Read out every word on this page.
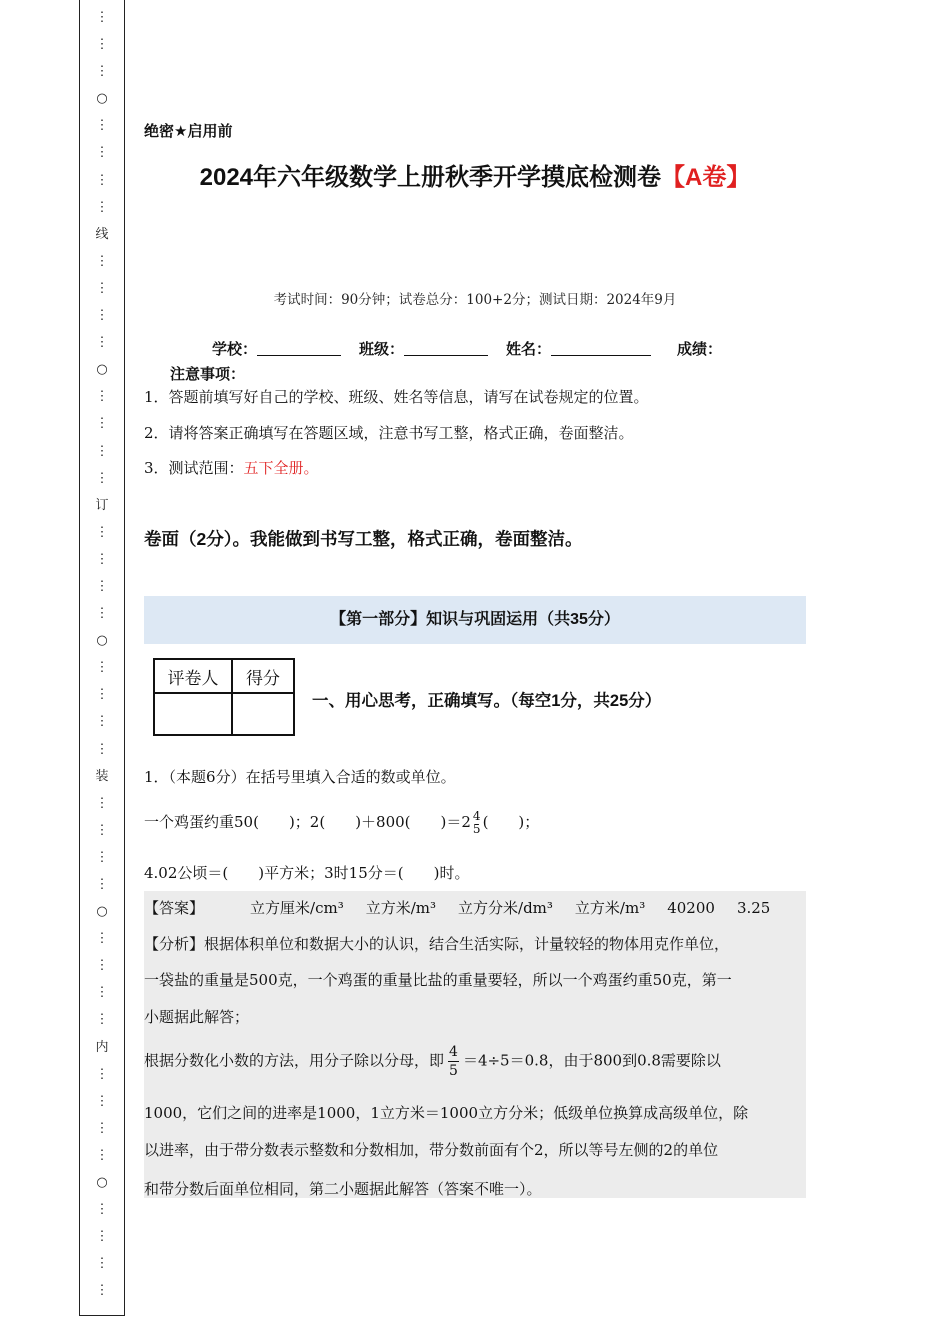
⋮
⋮
⋮
○
⋮
⋮
⋮
⋮
线
⋮
⋮
⋮
⋮
○
⋮
⋮
⋮
⋮
订
⋮
⋮
⋮
⋮
○
⋮
⋮
⋮
⋮
装
⋮
⋮
⋮
⋮
○
⋮
⋮
⋮
⋮
内
⋮
⋮
⋮
⋮
○
⋮
⋮
⋮
⋮
绝密★启用前
2024年六年级数学上册秋季开学摸底检测卷【A卷】
考试时间：90分钟；试卷总分：100+2分；测试日期：2024年9月
学校：	班级：	姓名：	成绩：
注意事项：
1．答题前填写好自己的学校、班级、姓名等信息，请写在试卷规定的位置。
2．请将答案正确填写在答题区域，注意书写工整，格式正确，卷面整洁。
3．测试范围：五下全册。
卷面（2分）。我能做到书写工整，格式正确，卷面整洁。
【第一部分】知识与巩固运用（共35分）
评卷人	得分

一、用心思考，正确填写。（每空1分，共25分）
1．（本题6分）在括号里填入合适的数或单位。
一个鸡蛋约重50(　　)；2(　　)＋800(　　)＝2 4
5 (　　)；
4.02公顷＝(　　)平方米；3时15分＝(　　)时。
【答案】	立方厘米/cm³ 立方米/m³ 立方分米/dm³ 立方米/m³ 40200 3.25
【分析】根据体积单位和数据大小的认识，结合生活实际，计量较轻的物体用克作单位，
一袋盐的重量是500克，一个鸡蛋的重量比盐的重量要轻，所以一个鸡蛋约重50克，第一
小题据此解答；
根据分数化小数的方法，用分子除以分母，即 $\frac{4}{5} =4\div 5=0.8$，由于800到0.8需要除以
1000，它们之间的进率是1000，1立方米＝1000立方分米；低级单位换算成高级单位，除
以进率，由于带分数表示整数和分数相加，带分数前面有个2，所以等号左侧的2的单位
和带分数后面单位相同，第二小题据此解答（答案不唯一）。
